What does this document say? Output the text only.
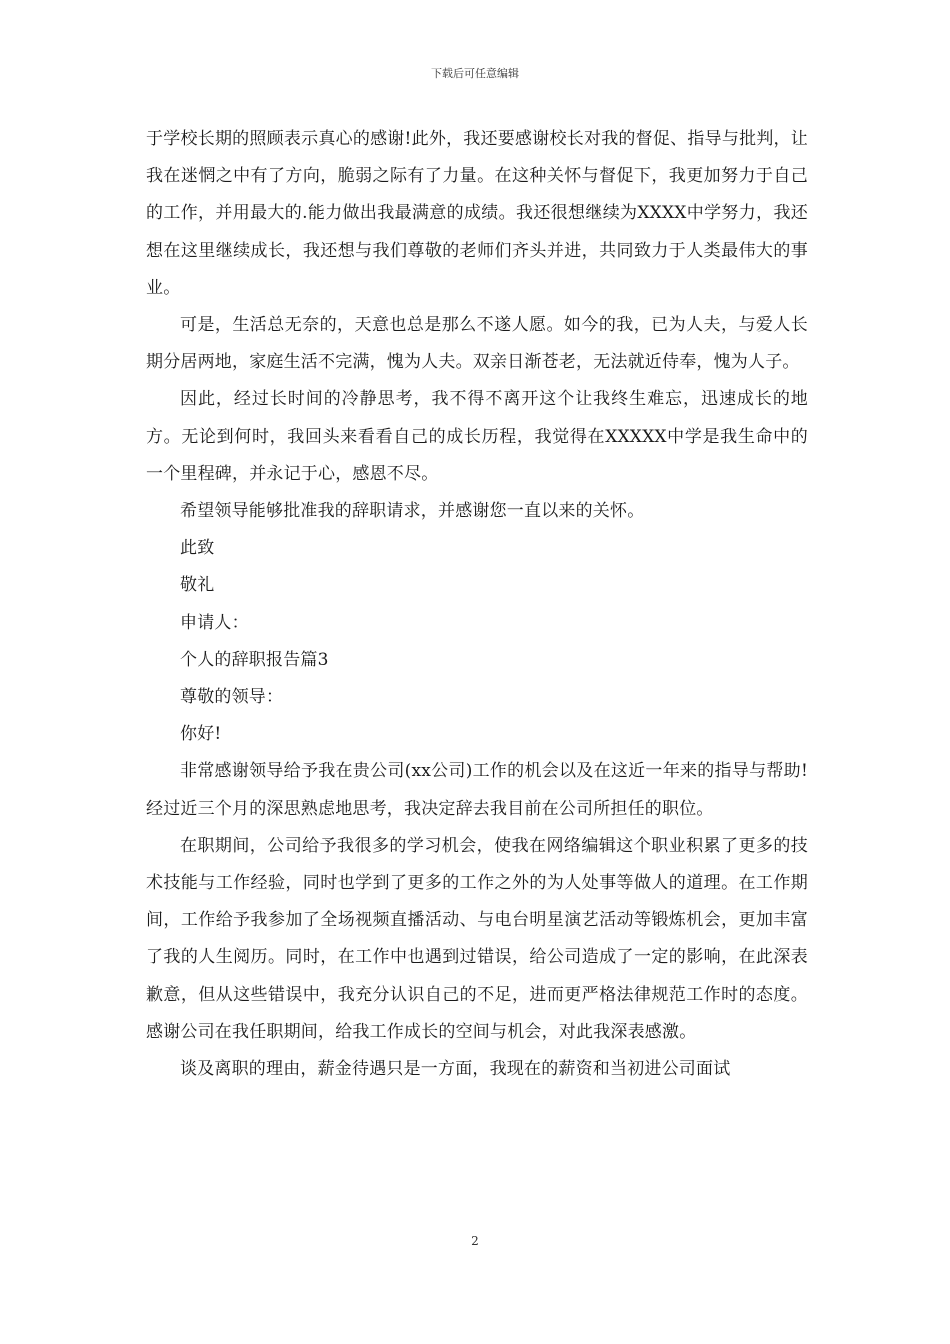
下载后可任意编辑

于学校长期的照顾表示真心的感谢!此外，我还要感谢校长对我的督促、指导与批判，让我在迷惘之中有了方向，脆弱之际有了力量。在这种关怀与督促下，我更加努力于自己的工作，并用最大的.能力做出我最满意的成绩。我还很想继续为XXXX中学努力，我还想在这里继续成长，我还想与我们尊敬的老师们齐头并进，共同致力于人类最伟大的事业。

可是，生活总无奈的，天意也总是那么不遂人愿。如今的我，已为人夫，与爱人长期分居两地，家庭生活不完满，愧为人夫。双亲日渐苍老，无法就近侍奉，愧为人子。

因此，经过长时间的冷静思考，我不得不离开这个让我终生难忘，迅速成长的地方。无论到何时，我回头来看看自己的成长历程，我觉得在XXXXX中学是我生命中的一个里程碑，并永记于心，感恩不尽。

希望领导能够批准我的辞职请求，并感谢您一直以来的关怀。

此致

敬礼

申请人：

个人的辞职报告篇3

尊敬的领导：

你好!

非常感谢领导给予我在贵公司(xx公司)工作的机会以及在这近一年来的指导与帮助!经过近三个月的深思熟虑地思考，我决定辞去我目前在公司所担任的职位。

在职期间，公司给予我很多的学习机会，使我在网络编辑这个职业积累了更多的技术技能与工作经验，同时也学到了更多的工作之外的为人处事等做人的道理。在工作期间，工作给予我参加了全场视频直播活动、与电台明星演艺活动等锻炼机会，更加丰富了我的人生阅历。同时，在工作中也遇到过错误，给公司造成了一定的影响，在此深表歉意，但从这些错误中，我充分认识自己的不足，进而更严格法律规范工作时的态度。感谢公司在我任职期间，给我工作成长的空间与机会，对此我深表感激。

谈及离职的理由，薪金待遇只是一方面，我现在的薪资和当初进公司面试

2
